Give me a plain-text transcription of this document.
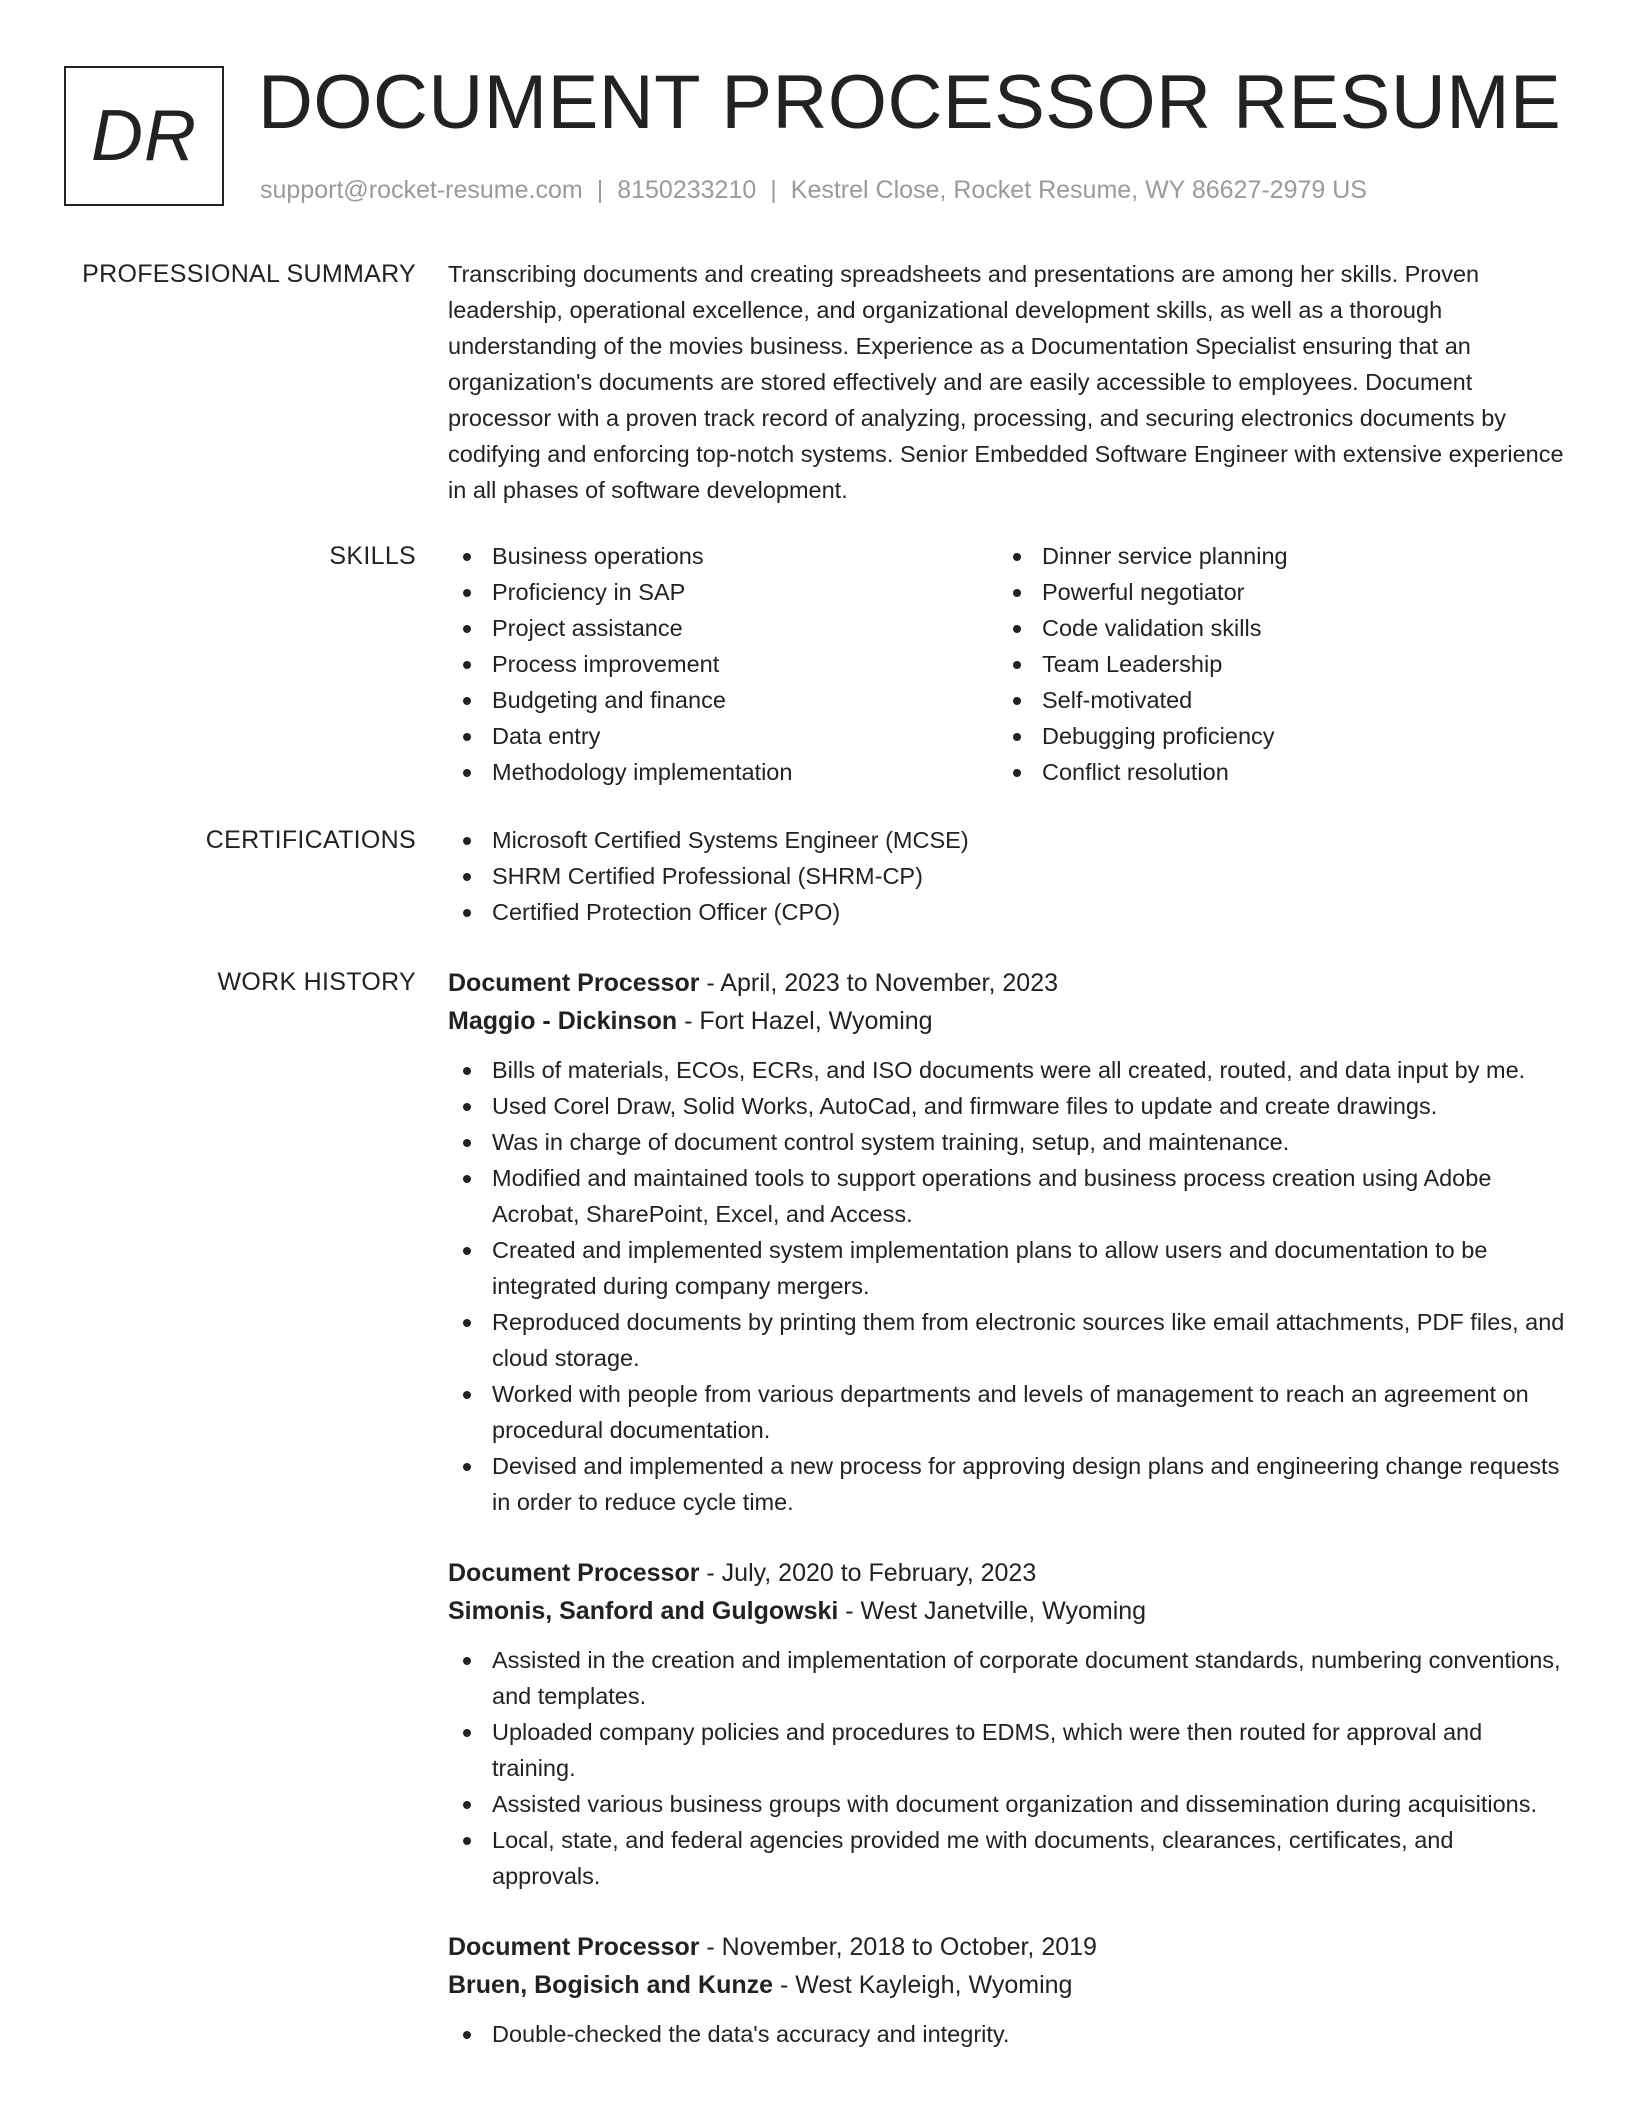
DR DOCUMENT PROCESSOR RESUME
support@rocket-resume.com | 8150233210 | Kestrel Close, Rocket Resume, WY 86627-2979 US
PROFESSIONAL SUMMARY Transcribing documents and creating spreadsheets and presentations are among her skills. Proven leadership, operational excellence, and organizational development skills, as well as a thorough understanding of the movies business. Experience as a Documentation Specialist ensuring that an organization's documents are stored effectively and are easily accessible to employees. Document processor with a proven track record of analyzing, processing, and securing electronics documents by codifying and enforcing top-notch systems. Senior Embedded Software Engineer with extensive experience in all phases of software development.

SKILLS	Business operations
Proficiency in SAP
Project assistance
Process improvement
Budgeting and finance
Data entry
Methodology implementation
Dinner service planning
Powerful negotiator
Code validation skills
Team Leadership
Self-motivated
Debugging proficiency
Conflict resolution
CERTIFICATIONS	Microsoft Certified Systems Engineer (MCSE)
SHRM Certified Professional (SHRM-CP)
Certified Protection Officer (CPO)
WORK HISTORY Document Processor - April, 2023 to November, 2023
Maggio - Dickinson - Fort Hazel, Wyoming
Bills of materials, ECOs, ECRs, and ISO documents were all created, routed, and data input by me.
Used Corel Draw, Solid Works, AutoCad, and firmware files to update and create drawings.
Was in charge of document control system training, setup, and maintenance.
Modified and maintained tools to support operations and business process creation using Adobe Acrobat, SharePoint, Excel, and Access.
Created and implemented system implementation plans to allow users and documentation to be integrated during company mergers.
Reproduced documents by printing them from electronic sources like email attachments, PDF files, and cloud storage.
Worked with people from various departments and levels of management to reach an agreement on procedural documentation.
Devised and implemented a new process for approving design plans and engineering change requests in order to reduce cycle time.
Document Processor - July, 2020 to February, 2023
Simonis, Sanford and Gulgowski - West Janetville, Wyoming
Assisted in the creation and implementation of corporate document standards, numbering conventions, and templates.
Uploaded company policies and procedures to EDMS, which were then routed for approval and training.
Assisted various business groups with document organization and dissemination during acquisitions.
Local, state, and federal agencies provided me with documents, clearances, certificates, and approvals.
Document Processor - November, 2018 to October, 2019
Bruen, Bogisich and Kunze - West Kayleigh, Wyoming
Double-checked the data's accuracy and integrity.
